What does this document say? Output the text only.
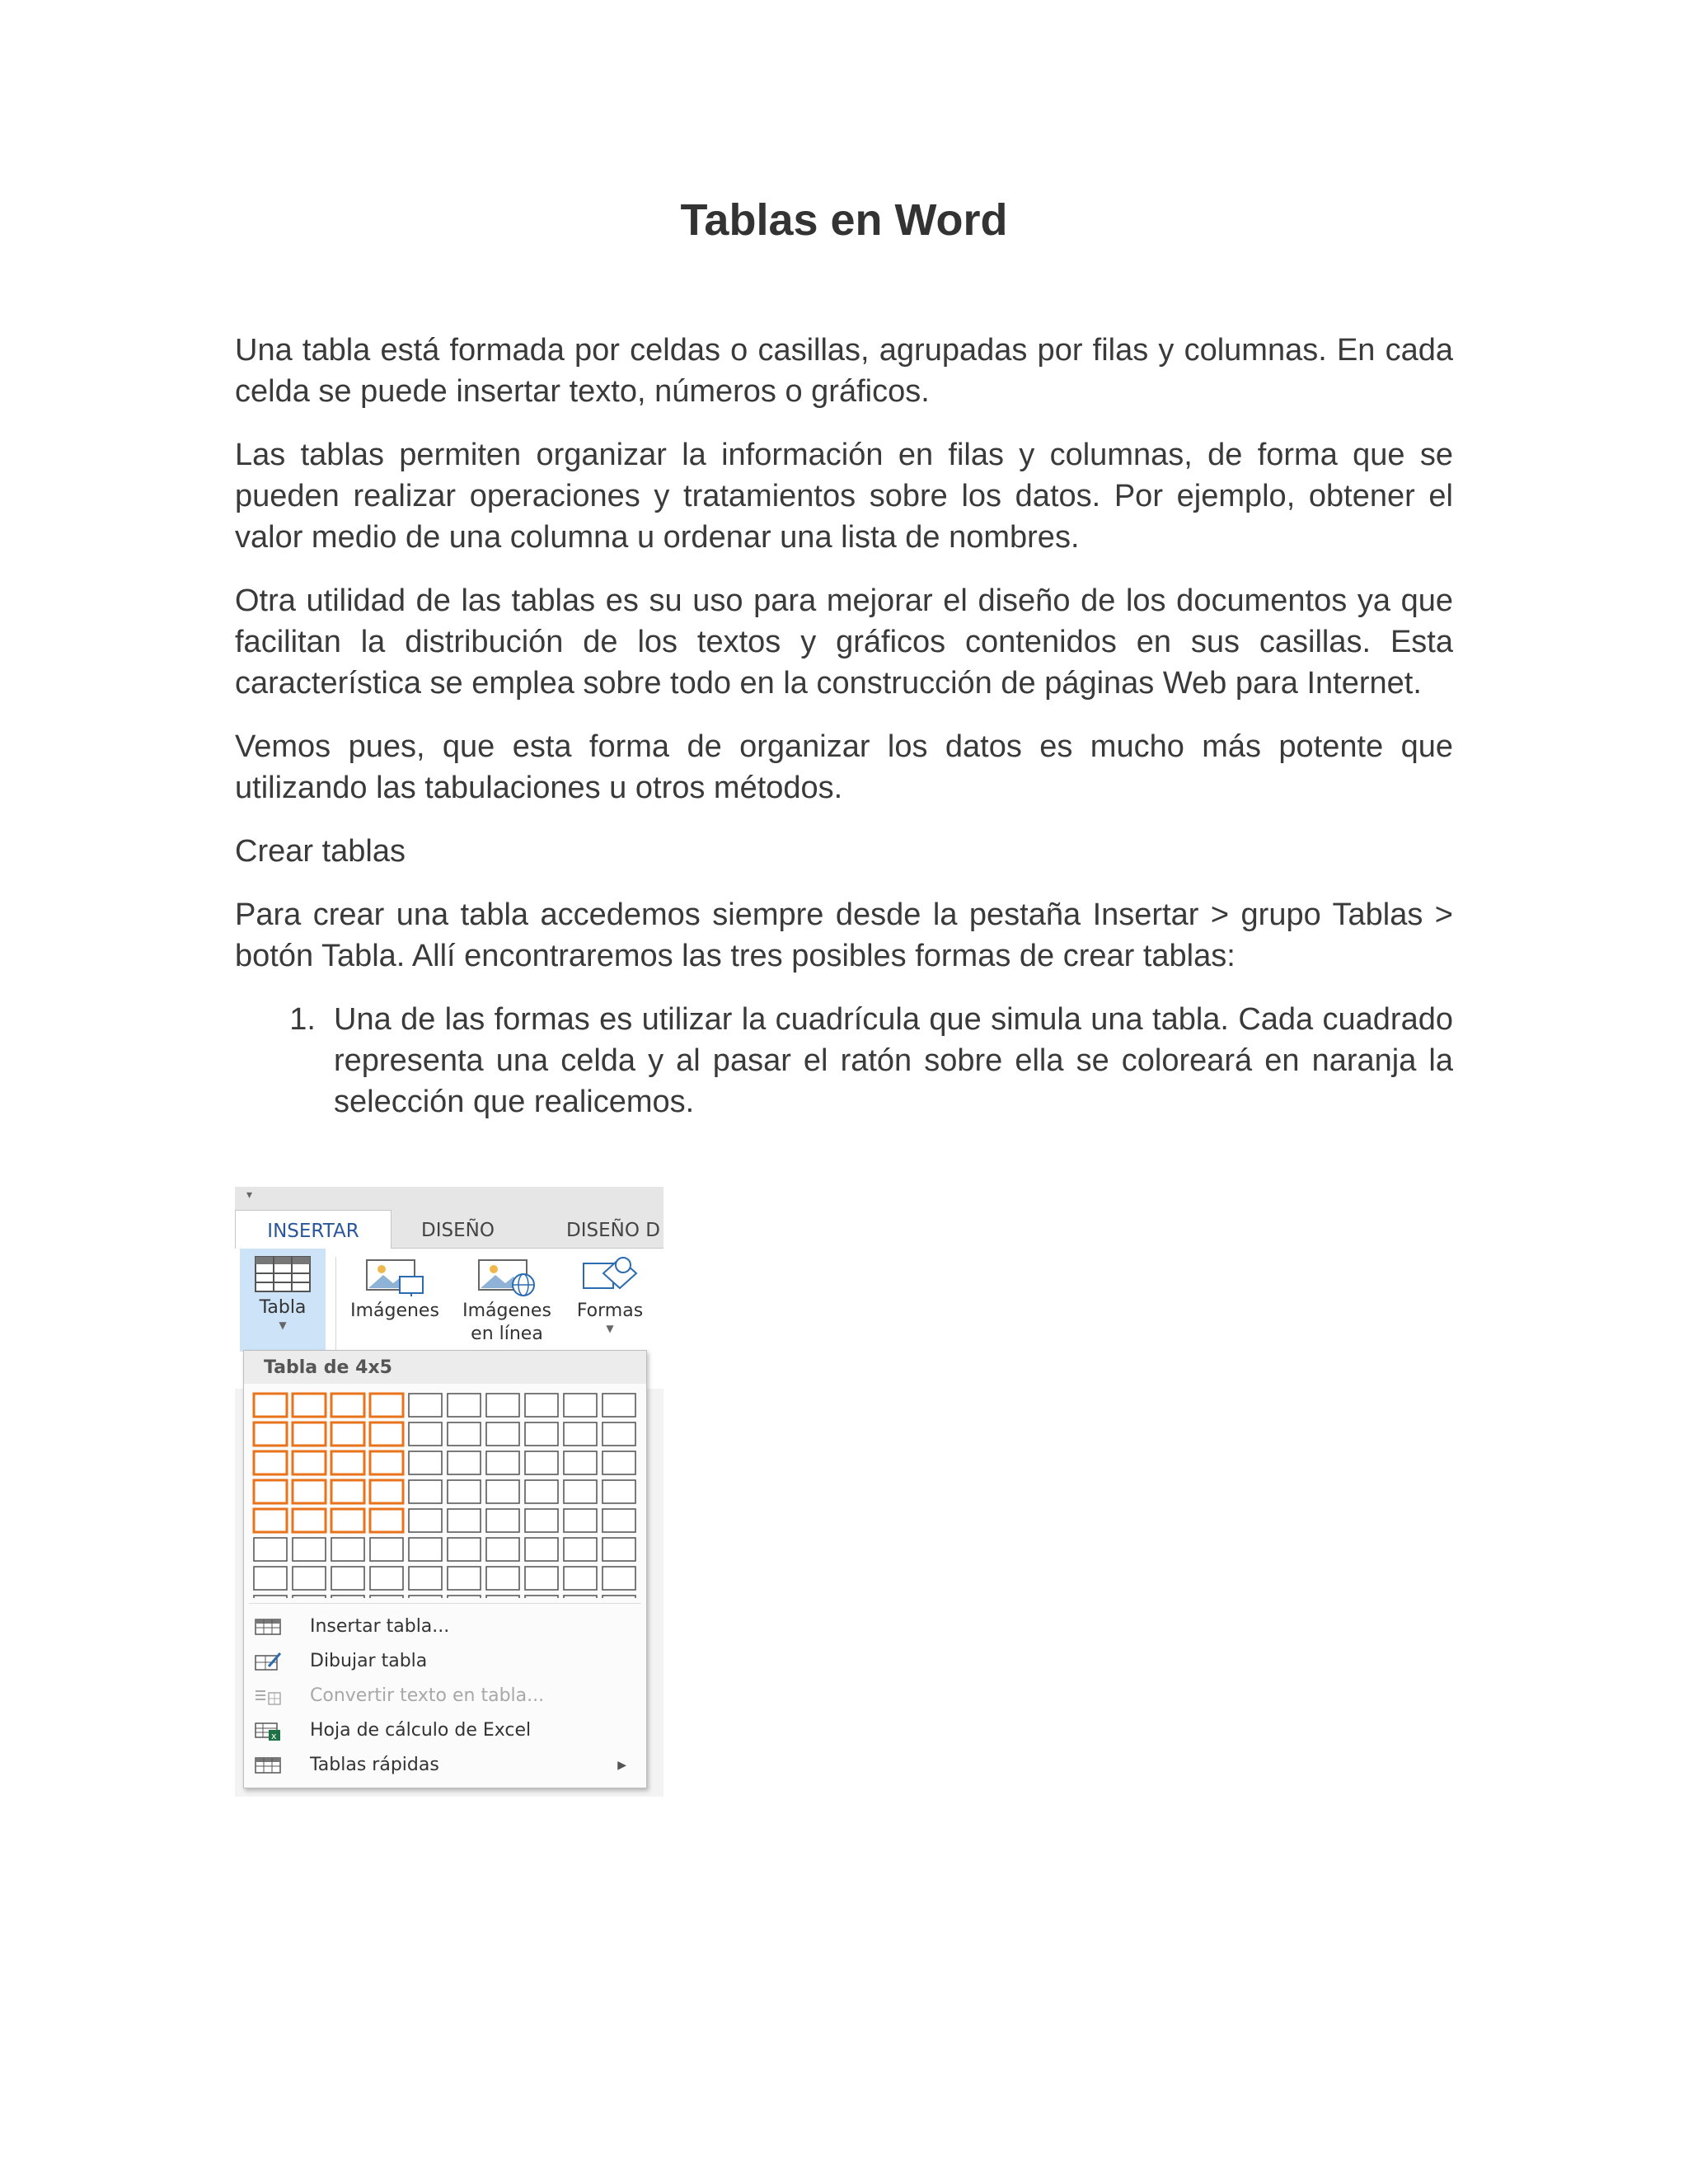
Tablas en Word

Una tabla está formada por celdas o casillas, agrupadas por filas y columnas. En cada celda se puede insertar texto, números o gráficos.

Las tablas permiten organizar la información en filas y columnas, de forma que se pueden realizar operaciones y tratamientos sobre los datos. Por ejemplo, obtener el valor medio de una columna u ordenar una lista de nombres.

Otra utilidad de las tablas es su uso para mejorar el diseño de los documentos ya que facilitan la distribución de los textos y gráficos contenidos en sus casillas. Esta característica se emplea sobre todo en la construcción de páginas Web para Internet.

Vemos pues, que esta forma de organizar los datos es mucho más potente que utilizando las tabulaciones u otros métodos.

Crear tablas

Para crear una tabla accedemos siempre desde la pestaña Insertar > grupo Tablas > botón Tabla. Allí encontraremos las tres posibles formas de crear tablas:

1. Una de las formas es utilizar la cuadrícula que simula una tabla. Cada cuadrado representa una celda y al pasar el ratón sobre ella se coloreará en naranja la selección que realicemos.
▾
INSERTAR	DISEÑO	DISEÑO D
Tabla
▼
Imágenes	Imágenes
en línea
Formas
▼
Tabla de 4x5
Insertar tabla...
Dibujar tabla
Convertir texto en tabla...
x Hoja de cálculo de Excel
Tablas rápidas	▶
